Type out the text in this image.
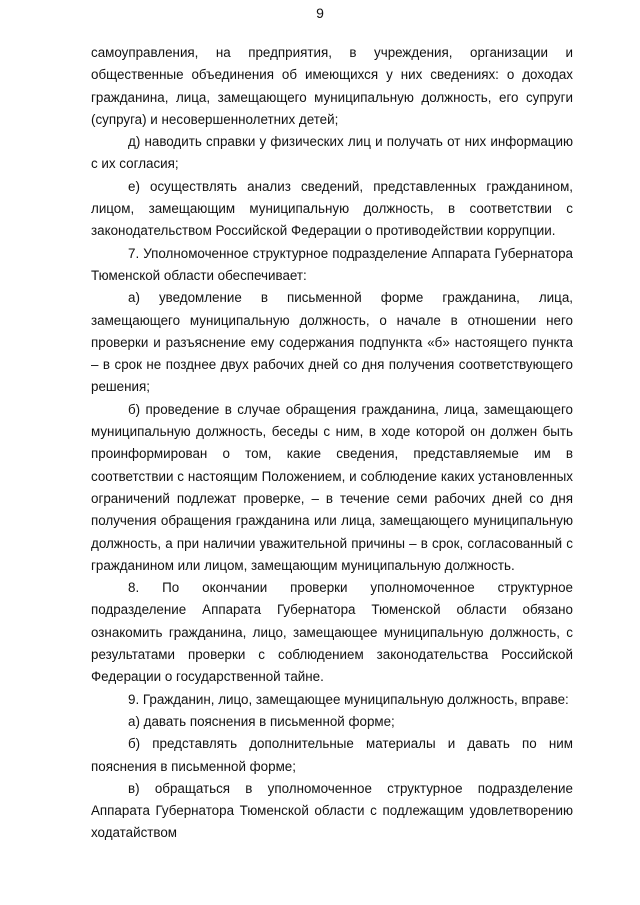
9

самоуправления, на предприятия, в учреждения, организации и общественные объединения об имеющихся у них сведениях: о доходах гражданина, лица, замещающего муниципальную должность, его супруги (супруга) и несовершеннолетних детей;

д) наводить справки у физических лиц и получать от них информацию с их согласия;

е) осуществлять анализ сведений, представленных гражданином, лицом, замещающим муниципальную должность, в соответствии с законодательством Российской Федерации о противодействии коррупции.

7. Уполномоченное структурное подразделение Аппарата Губернатора Тюменской области обеспечивает:

а) уведомление в письменной форме гражданина, лица, замещающего муниципальную должность, о начале в отношении него проверки и разъяснение ему содержания подпункта «б» настоящего пункта – в срок не позднее двух рабочих дней со дня получения соответствующего решения;

б) проведение в случае обращения гражданина, лица, замещающего муниципальную должность, беседы с ним, в ходе которой он должен быть проинформирован о том, какие сведения, представляемые им в соответствии с настоящим Положением, и соблюдение каких установленных ограничений подлежат проверке, – в течение семи рабочих дней со дня получения обращения гражданина или лица, замещающего муниципальную должность, а при наличии уважительной причины – в срок, согласованный с гражданином или лицом, замещающим муниципальную должность.

8. По окончании проверки уполномоченное структурное подразделение Аппарата Губернатора Тюменской области обязано ознакомить гражданина, лицо, замещающее муниципальную должность, с результатами проверки с соблюдением законодательства Российской Федерации о государственной тайне.

9. Гражданин, лицо, замещающее муниципальную должность, вправе:

а) давать пояснения в письменной форме;

б) представлять дополнительные материалы и давать по ним пояснения в письменной форме;

в) обращаться в уполномоченное структурное подразделение Аппарата Губернатора Тюменской области с подлежащим удовлетворению ходатайством
